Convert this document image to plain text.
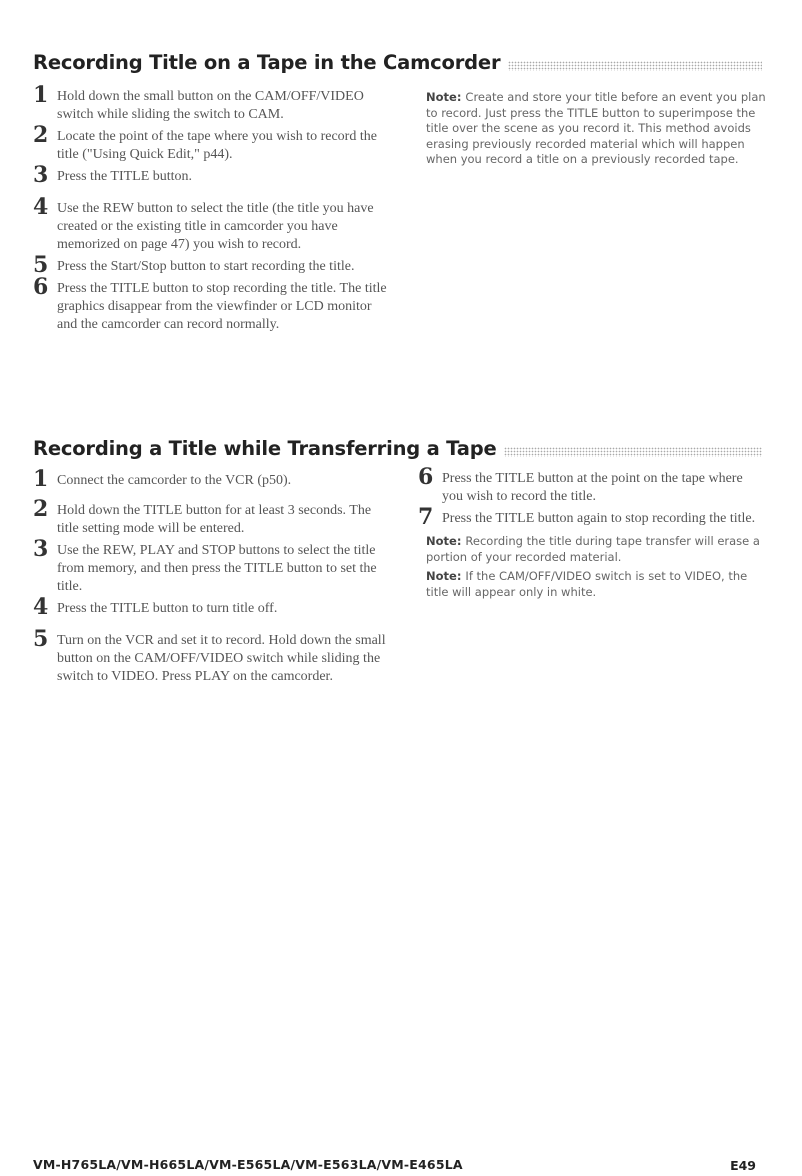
Recording Title on a Tape in the Camcorder
1 Hold down the small button on the CAM/OFF/VIDEO switch while sliding the switch to CAM.
2 Locate the point of the tape where you wish to record the title ("Using Quick Edit," p44).
3 Press the TITLE button.
4 Use the REW button to select the title (the title you have created or the existing title in camcorder you have memorized on page 47) you wish to record.
5 Press the Start/Stop button to start recording the title.
6 Press the TITLE button to stop recording the title. The title graphics disappear from the viewfinder or LCD monitor and the camcorder can record normally.

Note: Create and store your title before an event you plan to record. Just press the TITLE button to superimpose the title over the scene as you record it. This method avoids erasing previously recorded material which will happen when you record a title on a previously recorded tape.

Recording a Title while Transferring a Tape
1 Connect the camcorder to the VCR (p50).
2 Hold down the TITLE button for at least 3 seconds. The title setting mode will be entered.
3 Use the REW, PLAY and STOP buttons to select the title from memory, and then press the TITLE button to set the title.
4 Press the TITLE button to turn title off.
5 Turn on the VCR and set it to record. Hold down the small button on the CAM/OFF/VIDEO switch while sliding the switch to VIDEO. Press PLAY on the camcorder.
6 Press the TITLE button at the point on the tape where you wish to record the title.
7 Press the TITLE button again to stop recording the title.

Note: Recording the title during tape transfer will erase a portion of your recorded material.

Note: If the CAM/OFF/VIDEO switch is set to VIDEO, the title will appear only in white.

VM-H765LA/VM-H665LA/VM-E565LA/VM-E563LA/VM-E465LA	E49
